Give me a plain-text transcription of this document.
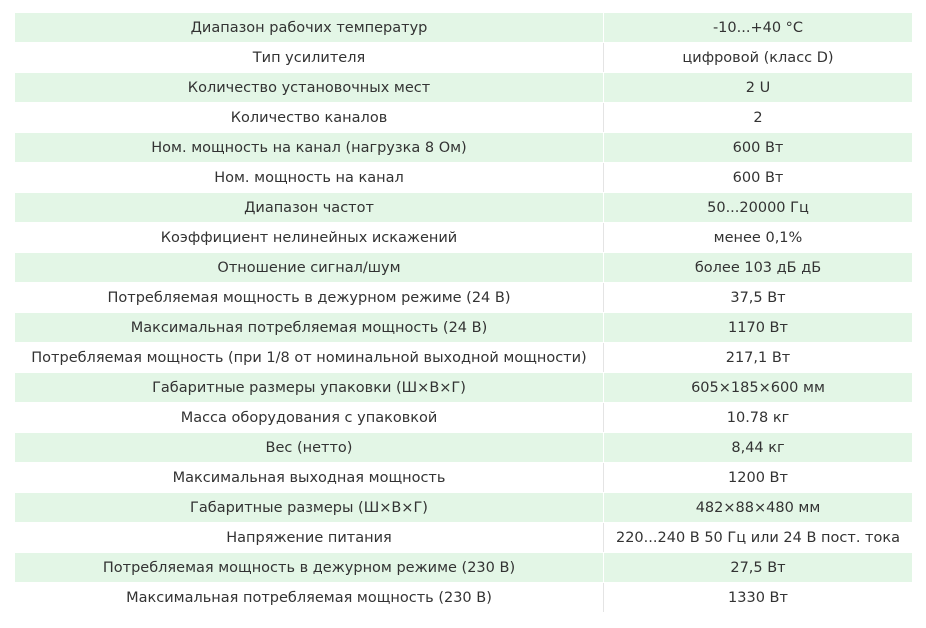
Диапазон рабочих температур	-10...+40 °С
Тип усилителя	цифровой (класс D)
Количество установочных мест	2 U
Количество каналов	2
Ном. мощность на канал (нагрузка 8 Ом)	600 Вт
Ном. мощность на канал	600 Вт
Диапазон частот	50...20000 Гц
Коэффициент нелинейных искажений	менее 0,1%
Отношение сигнал/шум	более 103 дБ дБ
Потребляемая мощность в дежурном режиме (24 В)	37,5 Вт
Максимальная потребляемая мощность (24 В)	1170 Вт
Потребляемая мощность (при 1/8 от номинальной выходной мощности)	217,1 Вт
Габаритные размеры упаковки (Ш×В×Г)	605×185×600 мм
Масса оборудования с упаковкой	10.78 кг
Вес (нетто)	8,44 кг
Максимальная выходная мощность	1200 Вт
Габаритные размеры (Ш×В×Г)	482×88×480 мм
Напряжение питания	220...240 В 50 Гц или 24 В пост. тока
Потребляемая мощность в дежурном режиме (230 В)	27,5 Вт
Максимальная потребляемая мощность (230 В)	1330 Вт
